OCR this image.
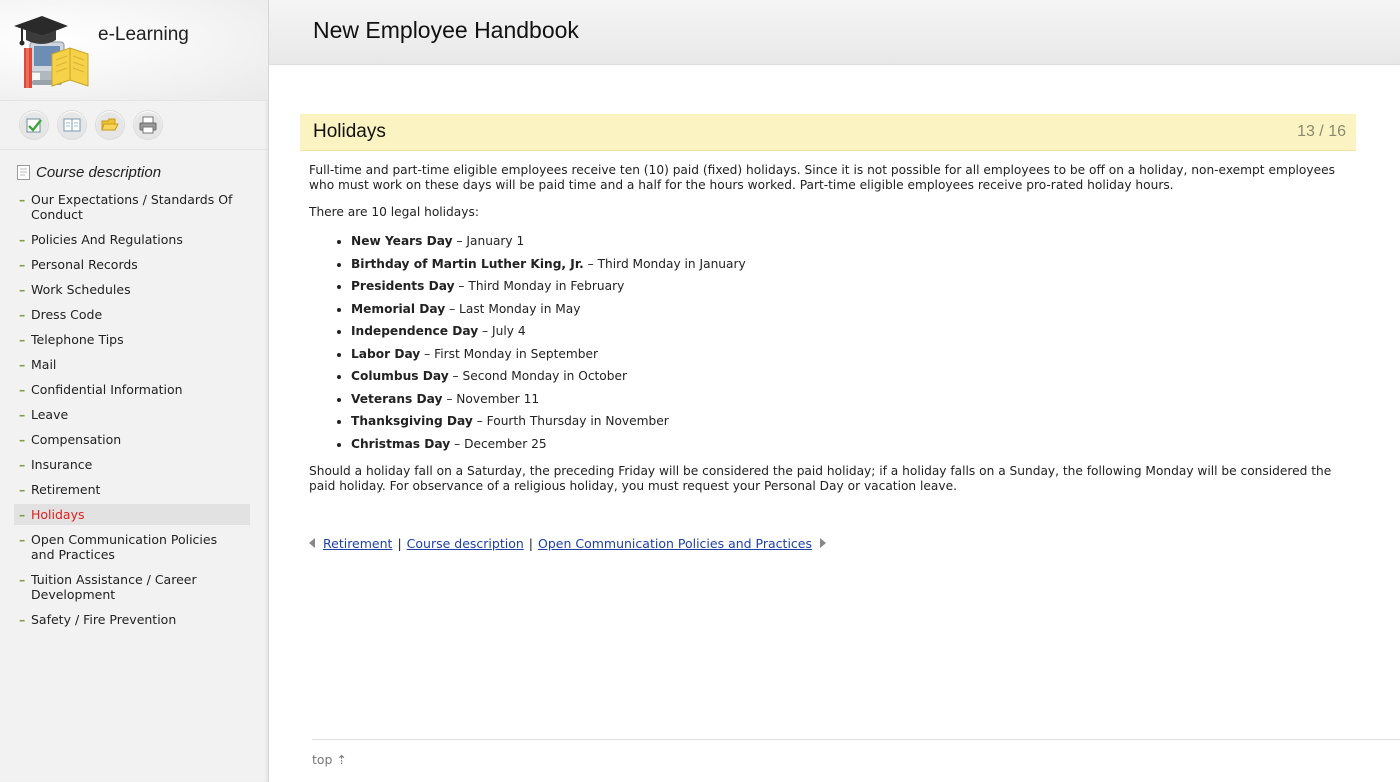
e-Learning
Course description
– Our Expectations / Standards Of Conduct
– Policies And Regulations
– Personal Records
– Work Schedules
– Dress Code
– Telephone Tips
– Mail
– Confidential Information
– Leave
– Compensation
– Insurance
– Retirement
– Holidays
– Open Communication Policies and Practices
– Tuition Assistance / Career Development
– Safety / Fire Prevention
New Employee Handbook
Holidays	13 / 16

Full-time and part-time eligible employees receive ten (10) paid (fixed) holidays. Since it is not possible for all employees to be off on a holiday, non-exempt employees who must work on these days will be paid time and a half for the hours worked. Part-time eligible employees receive pro-rated holiday hours.

There are 10 legal holidays:

• New Years Day – January 1
• Birthday of Martin Luther King, Jr. – Third Monday in January
• Presidents Day – Third Monday in February
• Memorial Day – Last Monday in May
• Independence Day – July 4
• Labor Day – First Monday in September
• Columbus Day – Second Monday in October
• Veterans Day – November 11
• Thanksgiving Day – Fourth Thursday in November
• Christmas Day – December 25

Should a holiday fall on a Saturday, the preceding Friday will be considered the paid holiday; if a holiday falls on a Sunday, the following Monday will be considered the paid holiday. For observance of a religious holiday, you must request your Personal Day or vacation leave.

Retirement | Course description | Open Communication Policies and Practices
top ⇡
